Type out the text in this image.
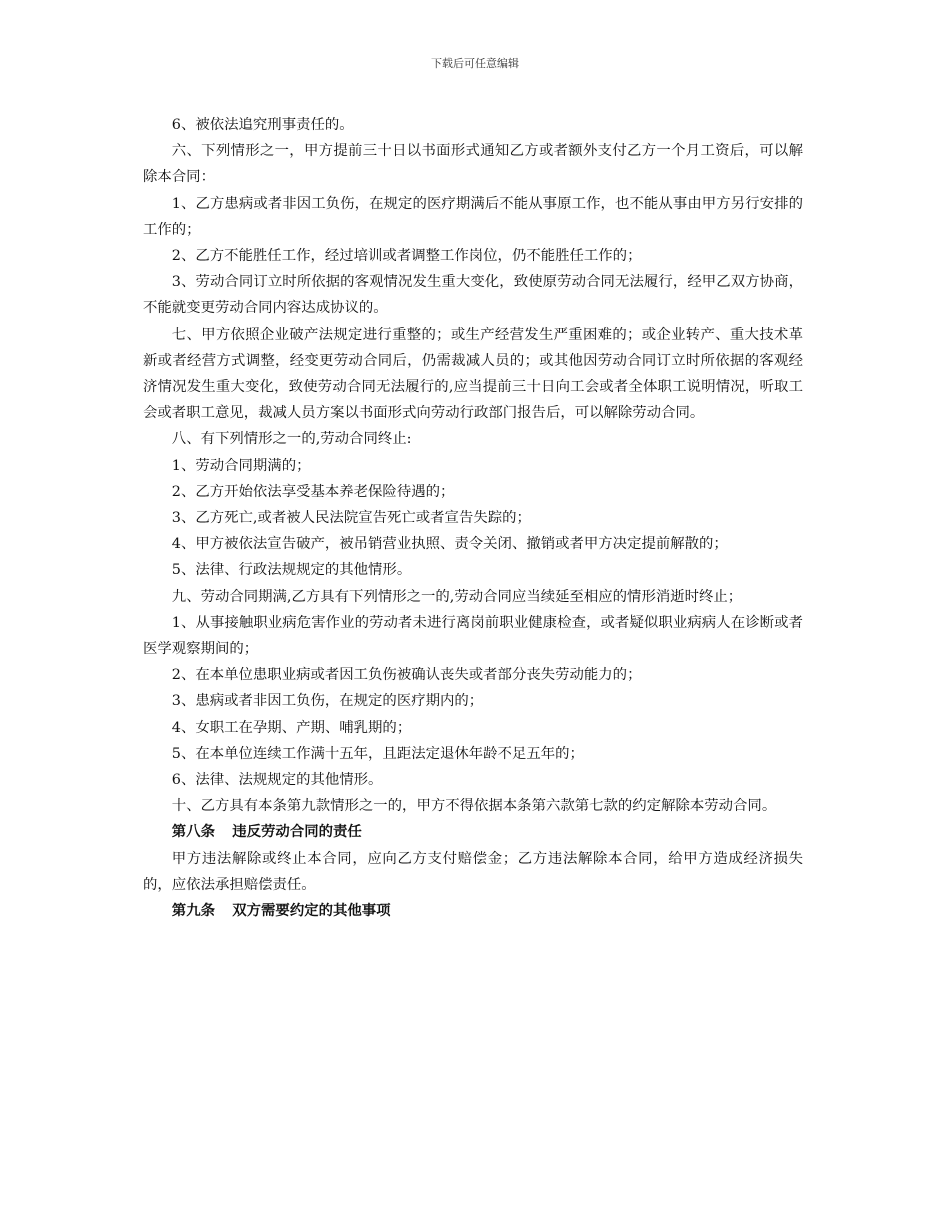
下载后可任意编辑

6、被依法追究刑事责任的。

六、下列情形之一，甲方提前三十日以书面形式通知乙方或者额外支付乙方一个月工资后，可以解除本合同：

1、乙方患病或者非因工负伤，在规定的医疗期满后不能从事原工作，也不能从事由甲方另行安排的工作的；

2、乙方不能胜任工作，经过培训或者调整工作岗位，仍不能胜任工作的；

3、劳动合同订立时所依据的客观情况发生重大变化，致使原劳动合同无法履行，经甲乙双方协商，不能就变更劳动合同内容达成协议的。

七、甲方依照企业破产法规定进行重整的；或生产经营发生严重困难的；或企业转产、重大技术革新或者经营方式调整，经变更劳动合同后，仍需裁减人员的；或其他因劳动合同订立时所依据的客观经济情况发生重大变化，致使劳动合同无法履行的,应当提前三十日向工会或者全体职工说明情况，听取工会或者职工意见，裁减人员方案以书面形式向劳动行政部门报告后，可以解除劳动合同。

八、有下列情形之一的,劳动合同终止:

1、劳动合同期满的；

2、乙方开始依法享受基本养老保险待遇的；

3、乙方死亡,或者被人民法院宣告死亡或者宣告失踪的；

4、甲方被依法宣告破产，被吊销营业执照、责令关闭、撤销或者甲方决定提前解散的；

5、法律、行政法规规定的其他情形。

九、劳动合同期满,乙方具有下列情形之一的,劳动合同应当续延至相应的情形消逝时终止；

1、从事接触职业病危害作业的劳动者未进行离岗前职业健康检查，或者疑似职业病病人在诊断或者医学观察期间的；

2、在本单位患职业病或者因工负伤被确认丧失或者部分丧失劳动能力的；

3、患病或者非因工负伤，在规定的医疗期内的；

4、女职工在孕期、产期、哺乳期的；

5、在本单位连续工作满十五年，且距法定退休年龄不足五年的；

6、法律、法规规定的其他情形。

十、乙方具有本条第九款情形之一的，甲方不得依据本条第六款第七款的约定解除本劳动合同。

第八条 违反劳动合同的责任

甲方违法解除或终止本合同，应向乙方支付赔偿金；乙方违法解除本合同，给甲方造成经济损失的，应依法承担赔偿责任。

第九条 双方需要约定的其他事项
